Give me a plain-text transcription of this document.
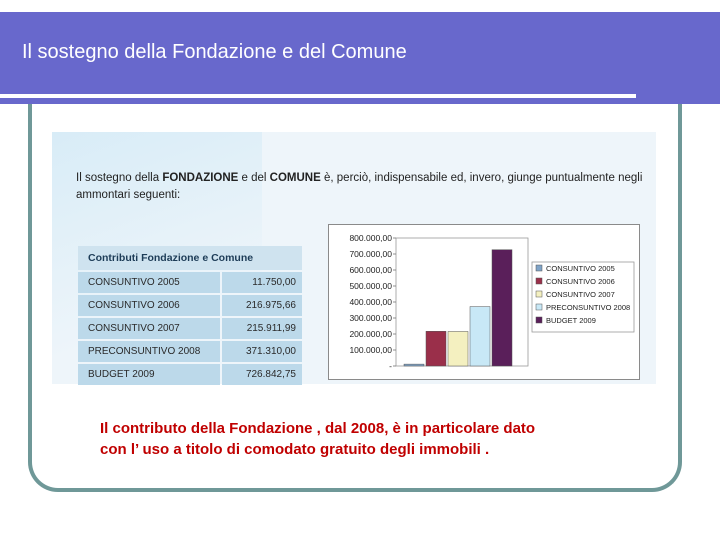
Il sostegno della Fondazione e del Comune
Il sostegno della FONDAZIONE e del COMUNE è, perciò, indispensabile ed, invero, giunge puntualmente negli ammontari seguenti:
Contributi Fondazione e Comune
CONSUNTIVO 2005	11.750,00
CONSUNTIVO 2006	216.975,66
CONSUNTIVO 2007	215.911,99
PRECONSUNTIVO 2008	371.310,00
BUDGET 2009	726.842,75
800.000,00
700.000,00
600.000,00
500.000,00
400.000,00
300.000,00
200.000,00
100.000,00
-
CONSUNTIVO 2005
CONSUNTIVO 2006
CONSUNTIVO 2007
PRECONSUNTIVO 2008
BUDGET 2009
Il contributo della Fondazione , dal 2008, è in particolare dato
con l’ uso a titolo di comodato gratuito degli immobili .
